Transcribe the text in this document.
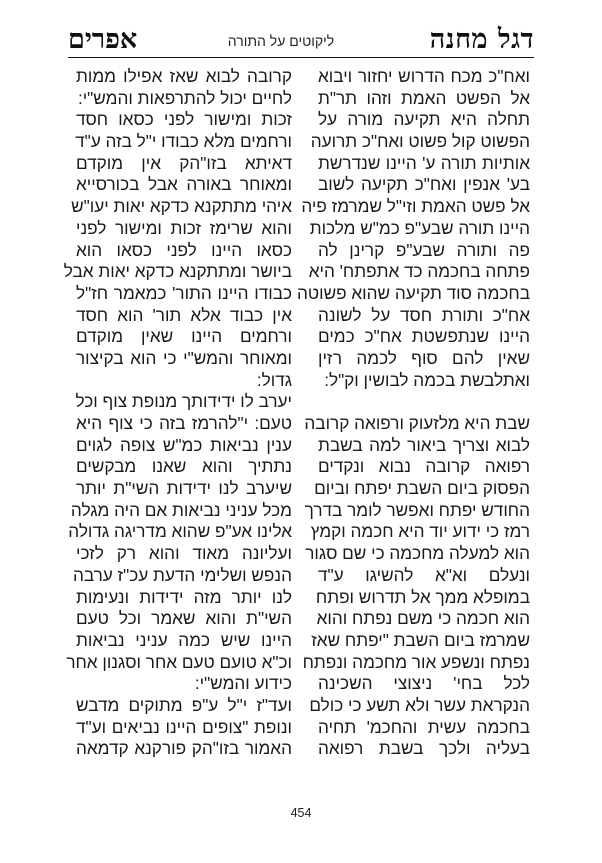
דגל מחנה
ליקוטים על התורה
אפרים
ואח"כ מכח הדרוש יחזור ויבוא
אל הפשט האמת וזהו תר"ת
תחלה היא תקיעה מורה על
הפשוט קול פשוט ואח"כ תרועה
אותיות תורה ע' היינו שנדרשת
בע' אנפין ואח"כ תקיעה לשוב
אל פשט האמת וזי"ל שמרמז פיה
היינו תורה שבע"פ כמ"ש מלכות
פה ותורה שבע"פ קרינן לה
פתחה בחכמה כד אתפתח' היא
בחכמה סוד תקיעה שהוא פשוטה
אח"כ ותורת חסד על לשונה
היינו שנתפשטת אח"כ כמים
שאין להם סוף לכמה רזין
ואתלבשת בכמה לבושין וק"ל:
שבת היא מלזעוק ורפואה קרובה
לבוא וצריך ביאור למה בשבת
רפואה קרובה נבוא ונקדים
הפסוק ביום השבת יפתח וביום
החודש יפתח ואפשר לומר בדרך
רמז כי ידוע יוד היא חכמה וקמץ
הוא למעלה מחכמה כי שם סגור
ונעלם וא"א להשיגו ע"ד
במופלא ממך אל תדרוש ופתח
הוא חכמה כי משם נפתח והוא
שמרמז ביום השבת "יפתח שאז
נפתח ונשפע אור מחכמה ונפתח
לכל בחי' ניצוצי השכינה
הנקראת עשר ולא תשע כי כולם
בחכמה עשית והחכמ' תחיה
בעליה ולכך בשבת רפואה
קרובה לבוא שאז אפילו ממות
לחיים יכול להתרפאות והמש"י:
זכות ומישור לפני כסאו חסד
ורחמים מלא כבודו י"ל בזה ע"ד
דאיתא בזו"הק אין מוקדם
ומאוחר באורה אבל בכורסייא
איהי מתתקנא כדקא יאות יעו"ש
והוא שרימז זכות ומישור לפני
כסאו היינו לפני כסאו הוא
ביושר ומתתקנא כדקא יאות אבל
כבודו היינו התור' כמאמר חז"ל
אין כבוד אלא תור' הוא חסד
ורחמים היינו שאין מוקדם
ומאוחר והמש"י כי הוא בקיצור
גדול:
יערב לו ידידותך מנופת צוף וכל
טעם: י"להרמז בזה כי צוף היא
ענין נביאות כמ"ש צופה לגוים
נתתיך והוא שאנו מבקשים
שיערב לנו ידידות השי"ת יותר
מכל עניני נביאות אם היה מגלה
אלינו אע"פ שהוא מדריגה גדולה
ועליונה מאוד והוא רק לזכי
הנפש ושלימי הדעת עכ"ז ערבה
לנו יותר מזה ידידות ונעימות
השי"ת והוא שאמר וכל טעם
היינו שיש כמה עניני נביאות
וכ"א טועם טעם אחר וסגנון אחר
כידוע והמש"י:
ועד"ז י"ל ע"פ מתוקים מדבש
ונופת "צופים היינו נביאים וע"ד
האמור בזו"הק פורקנא קדמאה
454
